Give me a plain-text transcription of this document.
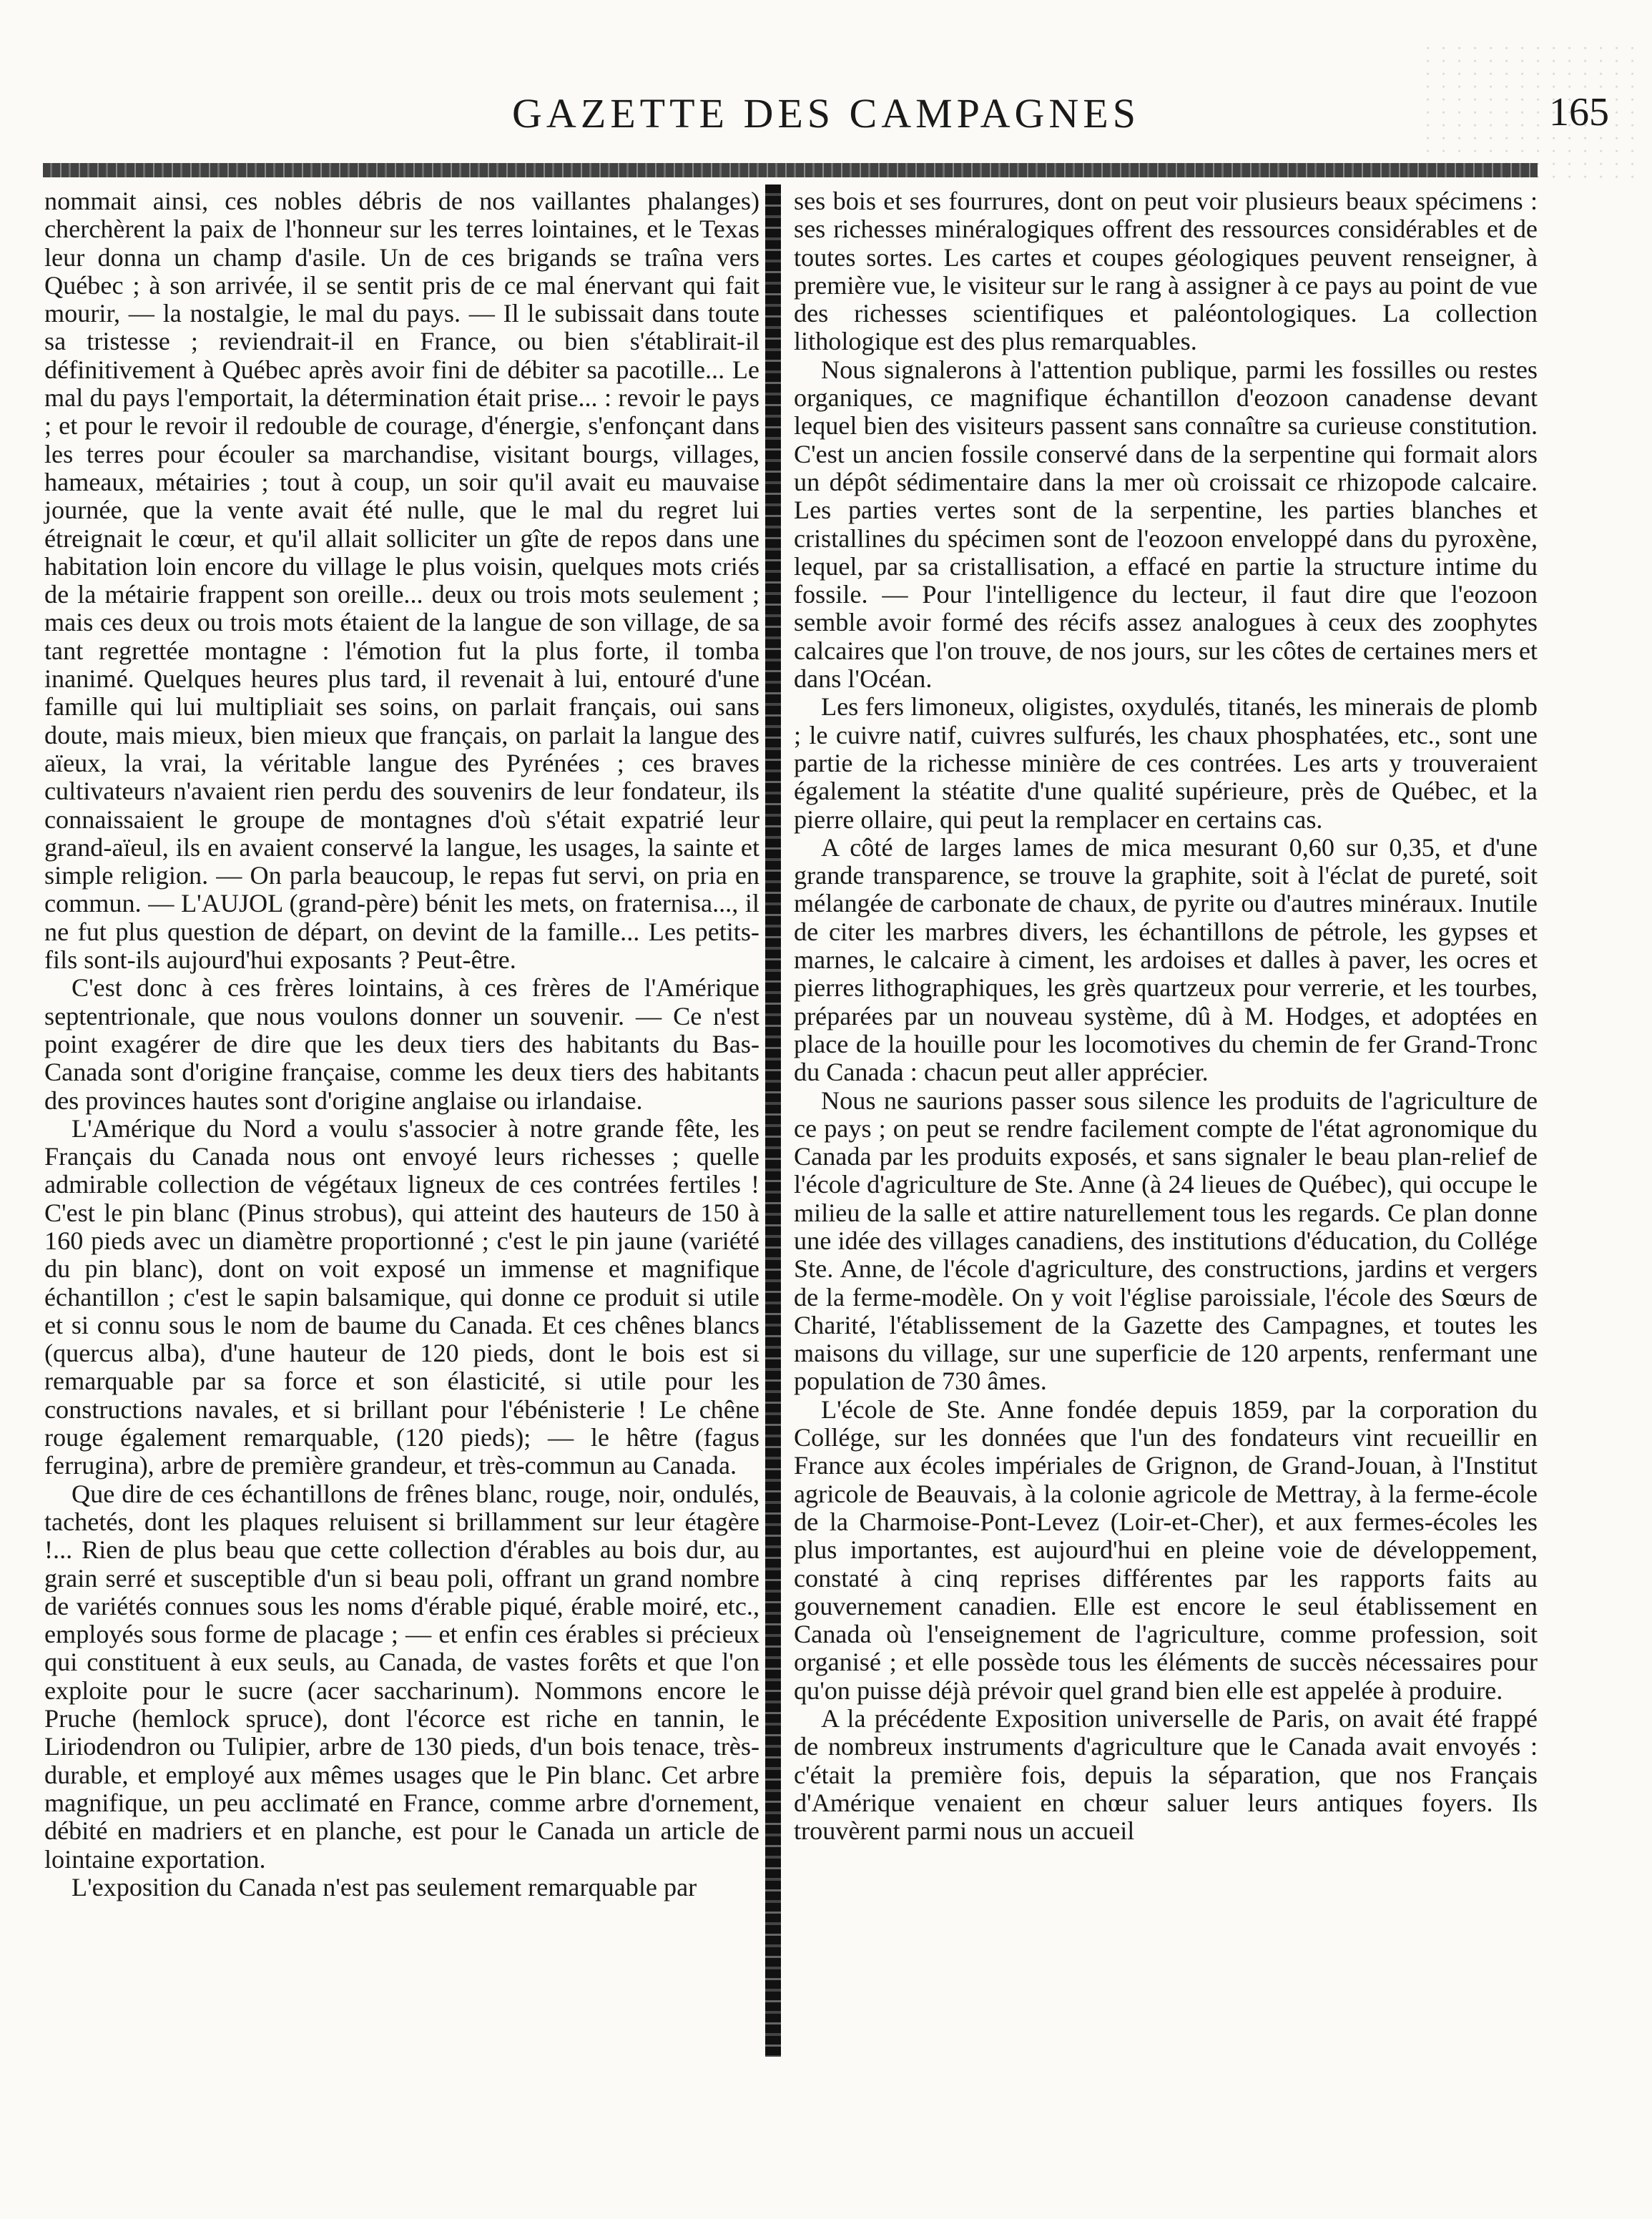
GAZETTE DES CAMPAGNES	165

nommait ainsi, ces nobles débris de nos vaillantes phalanges) cherchèrent la paix de l'honneur sur les terres lointaines, et le Texas leur donna un champ d'asile. Un de ces brigands se traîna vers Québec ; à son arrivée, il se sentit pris de ce mal énervant qui fait mourir, — la nostalgie, le mal du pays. — Il le subissait dans toute sa tristesse ; reviendrait-il en France, ou bien s'établirait-il définitivement à Québec après avoir fini de débiter sa pacotille... Le mal du pays l'emportait, la détermination était prise... : revoir le pays ; et pour le revoir il redouble de courage, d'énergie, s'enfonçant dans les terres pour écouler sa marchandise, visitant bourgs, villages, hameaux, métairies ; tout à coup, un soir qu'il avait eu mauvaise journée, que la vente avait été nulle, que le mal du regret lui étreignait le cœur, et qu'il allait solliciter un gîte de repos dans une habitation loin encore du village le plus voisin, quelques mots criés de la métairie frappent son oreille... deux ou trois mots seulement ; mais ces deux ou trois mots étaient de la langue de son village, de sa tant regrettée montagne : l'émotion fut la plus forte, il tomba inanimé. Quelques heures plus tard, il revenait à lui, entouré d'une famille qui lui multipliait ses soins, on parlait français, oui sans doute, mais mieux, bien mieux que français, on parlait la langue des aïeux, la vrai, la véritable langue des Pyrénées ; ces braves cultivateurs n'avaient rien perdu des souvenirs de leur fondateur, ils connaissaient le groupe de montagnes d'où s'était expatrié leur grand-aïeul, ils en avaient conservé la langue, les usages, la sainte et simple religion. — On parla beaucoup, le repas fut servi, on pria en commun. — L'AUJOL (grand-père) bénit les mets, on fraternisa..., il ne fut plus question de départ, on devint de la famille... Les petits-fils sont-ils aujourd'hui exposants ? Peut-être.

C'est donc à ces frères lointains, à ces frères de l'Amérique septentrionale, que nous voulons donner un souvenir. — Ce n'est point exagérer de dire que les deux tiers des habitants du Bas-Canada sont d'origine française, comme les deux tiers des habitants des provinces hautes sont d'origine anglaise ou irlandaise.

L'Amérique du Nord a voulu s'associer à notre grande fête, les Français du Canada nous ont envoyé leurs richesses ; quelle admirable collection de végétaux ligneux de ces contrées fertiles ! C'est le pin blanc (Pinus strobus), qui atteint des hauteurs de 150 à 160 pieds avec un diamètre proportionné ; c'est le pin jaune (variété du pin blanc), dont on voit exposé un immense et magnifique échantillon ; c'est le sapin balsamique, qui donne ce produit si utile et si connu sous le nom de baume du Canada. Et ces chênes blancs (quercus alba), d'une hauteur de 120 pieds, dont le bois est si remarquable par sa force et son élasticité, si utile pour les constructions navales, et si brillant pour l'ébénisterie ! Le chêne rouge également remarquable, (120 pieds); — le hêtre (fagus ferrugina), arbre de première grandeur, et très-commun au Canada.

Que dire de ces échantillons de frênes blanc, rouge, noir, ondulés, tachetés, dont les plaques reluisent si brillamment sur leur étagère !... Rien de plus beau que cette collection d'érables au bois dur, au grain serré et susceptible d'un si beau poli, offrant un grand nombre de variétés connues sous les noms d'érable piqué, érable moiré, etc., employés sous forme de placage ; — et enfin ces érables si précieux qui constituent à eux seuls, au Canada, de vastes forêts et que l'on exploite pour le sucre (acer saccharinum). Nommons encore le Pruche (hemlock spruce), dont l'écorce est riche en tannin, le Liriodendron ou Tulipier, arbre de 130 pieds, d'un bois tenace, très-durable, et employé aux mêmes usages que le Pin blanc. Cet arbre magnifique, un peu acclimaté en France, comme arbre d'ornement, débité en madriers et en planche, est pour le Canada un article de lointaine exportation.

L'exposition du Canada n'est pas seulement remarquable par

ses bois et ses fourrures, dont on peut voir plusieurs beaux spécimens : ses richesses minéralogiques offrent des ressources considérables et de toutes sortes. Les cartes et coupes géologiques peuvent renseigner, à première vue, le visiteur sur le rang à assigner à ce pays au point de vue des richesses scientifiques et paléontologiques. La collection lithologique est des plus remarquables.

Nous signalerons à l'attention publique, parmi les fossilles ou restes organiques, ce magnifique échantillon d'eozoon canadense devant lequel bien des visiteurs passent sans connaître sa curieuse constitution. C'est un ancien fossile conservé dans de la serpentine qui formait alors un dépôt sédimentaire dans la mer où croissait ce rhizopode calcaire. Les parties vertes sont de la serpentine, les parties blanches et cristallines du spécimen sont de l'eozoon enveloppé dans du pyroxène, lequel, par sa cristallisation, a effacé en partie la structure intime du fossile. — Pour l'intelligence du lecteur, il faut dire que l'eozoon semble avoir formé des récifs assez analogues à ceux des zoophytes calcaires que l'on trouve, de nos jours, sur les côtes de certaines mers et dans l'Océan.

Les fers limoneux, oligistes, oxydulés, titanés, les minerais de plomb ; le cuivre natif, cuivres sulfurés, les chaux phosphatées, etc., sont une partie de la richesse minière de ces contrées. Les arts y trouveraient également la stéatite d'une qualité supérieure, près de Québec, et la pierre ollaire, qui peut la remplacer en certains cas.

A côté de larges lames de mica mesurant 0,60 sur 0,35, et d'une grande transparence, se trouve la graphite, soit à l'éclat de pureté, soit mélangée de carbonate de chaux, de pyrite ou d'autres minéraux. Inutile de citer les marbres divers, les échantillons de pétrole, les gypses et marnes, le calcaire à ciment, les ardoises et dalles à paver, les ocres et pierres lithographiques, les grès quartzeux pour verrerie, et les tourbes, préparées par un nouveau système, dû à M. Hodges, et adoptées en place de la houille pour les locomotives du chemin de fer Grand-Tronc du Canada : chacun peut aller apprécier.

Nous ne saurions passer sous silence les produits de l'agriculture de ce pays ; on peut se rendre facilement compte de l'état agronomique du Canada par les produits exposés, et sans signaler le beau plan-relief de l'école d'agriculture de Ste. Anne (à 24 lieues de Québec), qui occupe le milieu de la salle et attire naturellement tous les regards. Ce plan donne une idée des villages canadiens, des institutions d'éducation, du Collége Ste. Anne, de l'école d'agriculture, des constructions, jardins et vergers de la ferme-modèle. On y voit l'église paroissiale, l'école des Sœurs de Charité, l'établissement de la Gazette des Campagnes, et toutes les maisons du village, sur une superficie de 120 arpents, renfermant une population de 730 âmes.

L'école de Ste. Anne fondée depuis 1859, par la corporation du Collége, sur les données que l'un des fondateurs vint recueillir en France aux écoles impériales de Grignon, de Grand-Jouan, à l'Institut agricole de Beauvais, à la colonie agricole de Mettray, à la ferme-école de la Charmoise-Pont-Levez (Loir-et-Cher), et aux fermes-écoles les plus importantes, est aujourd'hui en pleine voie de développement, constaté à cinq reprises différentes par les rapports faits au gouvernement canadien. Elle est encore le seul établissement en Canada où l'enseignement de l'agriculture, comme profession, soit organisé ; et elle possède tous les éléments de succès nécessaires pour qu'on puisse déjà prévoir quel grand bien elle est appelée à produire.

A la précédente Exposition universelle de Paris, on avait été frappé de nombreux instruments d'agriculture que le Canada avait envoyés : c'était la première fois, depuis la séparation, que nos Français d'Amérique venaient en chœur saluer leurs antiques foyers. Ils trouvèrent parmi nous un accueil
